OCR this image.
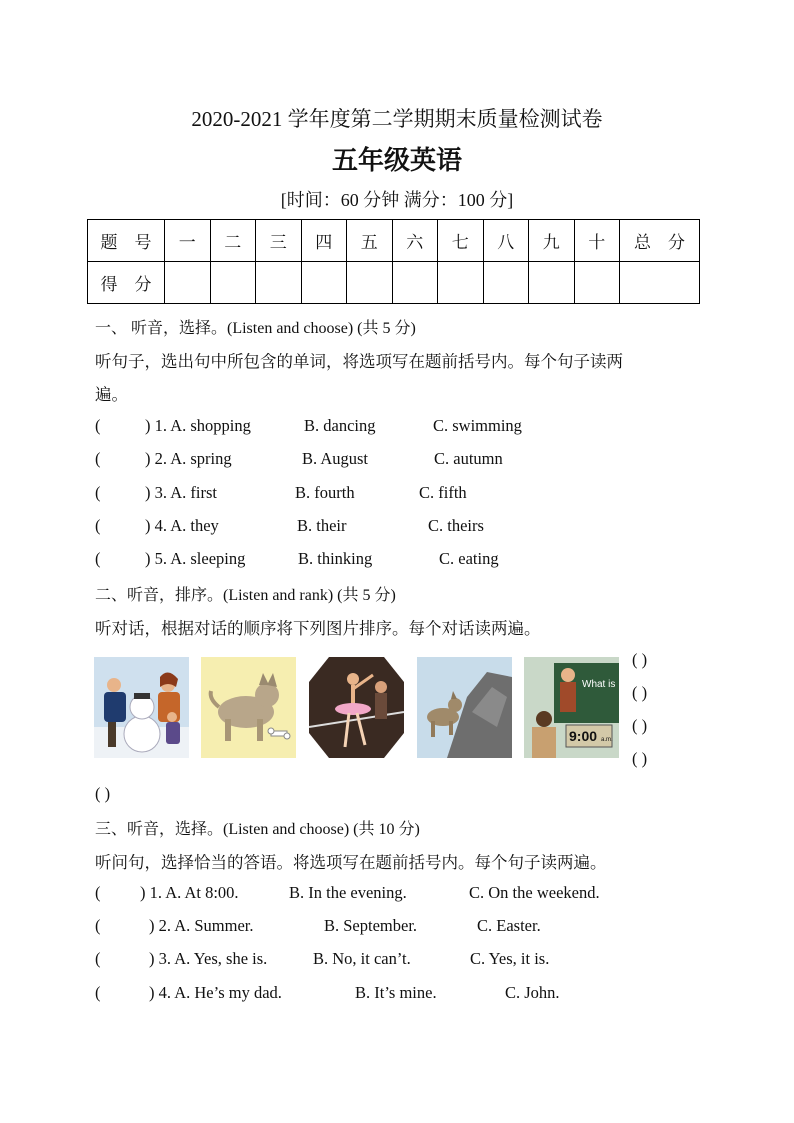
2020-2021 学年度第二学期期末质量检测试卷
五年级英语
[时间：60 分钟 满分：100 分]
题　号	一	二	三	四	五	六	七	八	九	十	总　分
得　分											
一、 听音，选择。(Listen and choose) (共 5 分)
听句子，选出句中所包含的单词，将选项写在题前括号内。每个句子读两
遍。
(	) 1. A. shopping	B. dancing	C. swimming
(	) 2. A. spring	B. August	C. autumn
(	) 3. A. first	B. fourth	C. fifth
(	) 4. A. they	B. their	C. theirs
(	) 5. A. sleeping	B. thinking	C. eating
二、听音，排序。(Listen and rank) (共 5 分)
听对话，根据对话的顺序将下列图片排序。每个对话读两遍。
What is
9:00 a.m.
( )
( )
( )
( )
( )
三、听音，选择。(Listen and choose) (共 10 分)
听问句，选择恰当的答语。将选项写在题前括号内。每个句子读两遍。
( ) 1. A. At 8:00.	B. In the evening.	C. On the weekend.
(	) 2. A. Summer.	B. September.	C. Easter.
(	) 3. A. Yes, she is.	B. No, it can’t.	C. Yes, it is.
(	) 4. A. He’s my dad.	B. It’s mine.	C. John.
